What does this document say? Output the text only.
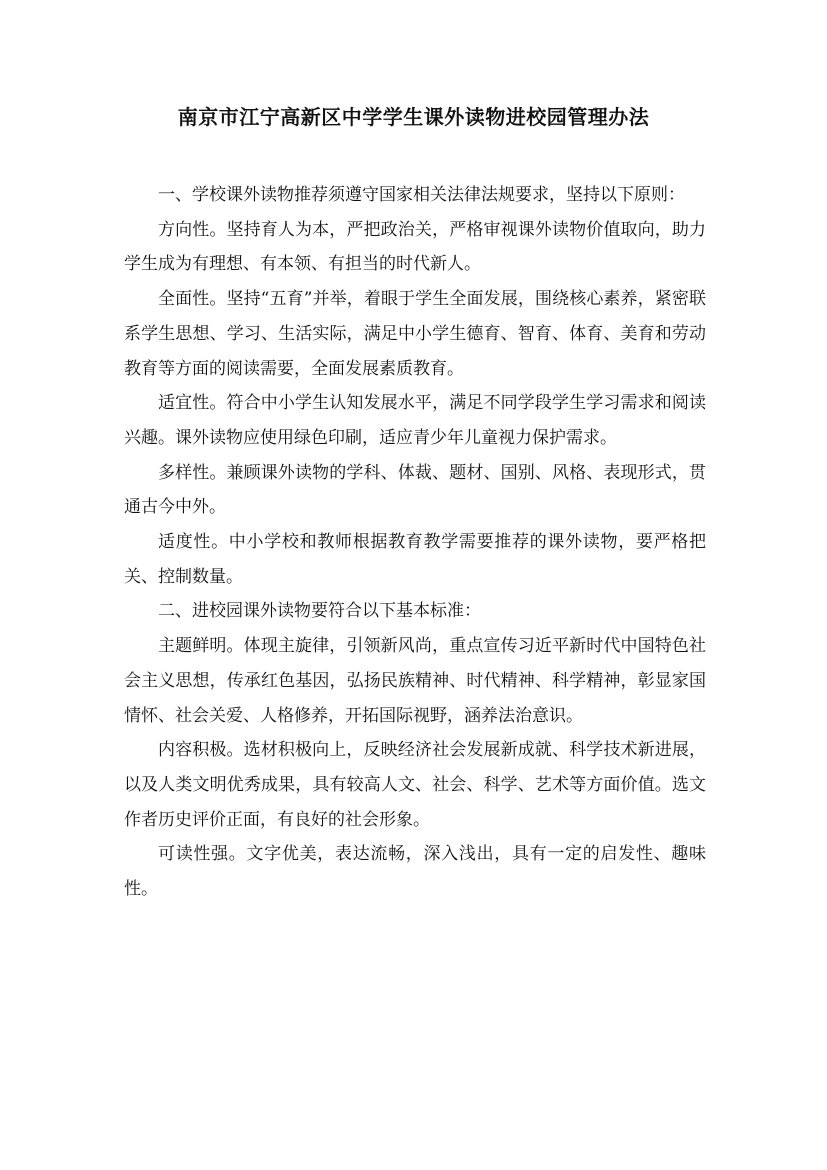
南京市江宁高新区中学学生课外读物进校园管理办法

一、学校课外读物推荐须遵守国家相关法律法规要求，坚持以下原则：

方向性。坚持育人为本，严把政治关，严格审视课外读物价值取向，助力学生成为有理想、有本领、有担当的时代新人。

全面性。坚持“五育”并举，着眼于学生全面发展，围绕核心素养，紧密联系学生思想、学习、生活实际，满足中小学生德育、智育、体育、美育和劳动教育等方面的阅读需要，全面发展素质教育。

适宜性。符合中小学生认知发展水平，满足不同学段学生学习需求和阅读兴趣。课外读物应使用绿色印刷，适应青少年儿童视力保护需求。

多样性。兼顾课外读物的学科、体裁、题材、国别、风格、表现形式，贯通古今中外。

适度性。中小学校和教师根据教育教学需要推荐的课外读物，要严格把关、控制数量。

二、进校园课外读物要符合以下基本标准：

主题鲜明。体现主旋律，引领新风尚，重点宣传习近平新时代中国特色社会主义思想，传承红色基因，弘扬民族精神、时代精神、科学精神，彰显家国情怀、社会关爱、人格修养，开拓国际视野，涵养法治意识。

内容积极。选材积极向上，反映经济社会发展新成就、科学技术新进展，以及人类文明优秀成果，具有较高人文、社会、科学、艺术等方面价值。选文作者历史评价正面，有良好的社会形象。

可读性强。文字优美，表达流畅，深入浅出，具有一定的启发性、趣味性。
